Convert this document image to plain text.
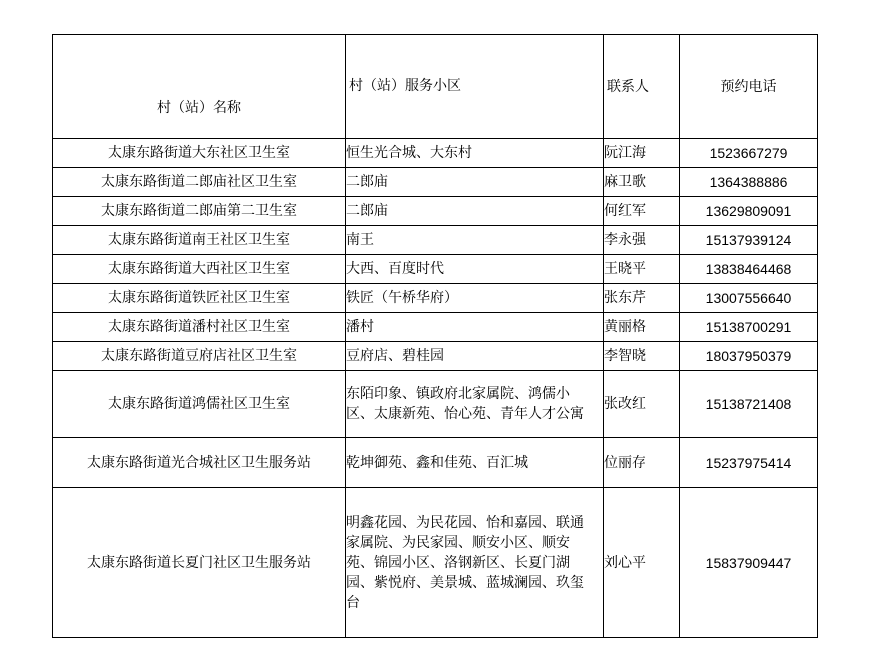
村（站）名称	村（站）服务小区	联系人	预约电话
太康东路街道大东社区卫生室	恒生光合城、大东村	阮江海	1523667279
太康东路街道二郎庙社区卫生室	二郎庙	麻卫歌	1364388886
太康东路街道二郎庙第二卫生室	二郎庙	何红军	13629809091
太康东路街道南王社区卫生室	南王	李永强	15137939124
太康东路街道大西社区卫生室	大西、百度时代	王晓平	13838464468
太康东路街道铁匠社区卫生室	铁匠（午桥华府）	张东芹	13007556640
太康东路街道潘村社区卫生室	潘村	黄丽格	15138700291
太康东路街道豆府店社区卫生室	豆府店、碧桂园	李智晓	18037950379
太康东路街道鸿儒社区卫生室	东陌印象、镇政府北家属院、鸿儒小区、太康新苑、怡心苑、青年人才公寓	张改红	15138721408
太康东路街道光合城社区卫生服务站	乾坤御苑、鑫和佳苑、百汇城	位丽存	15237975414
太康东路街道长夏门社区卫生服务站	明鑫花园、为民花园、怡和嘉园、联通家属院、为民家园、顺安小区、顺安苑、锦园小区、洛钢新区、长夏门湖园、紫悦府、美景城、蓝城澜园、玖玺台	刘心平	15837909447
